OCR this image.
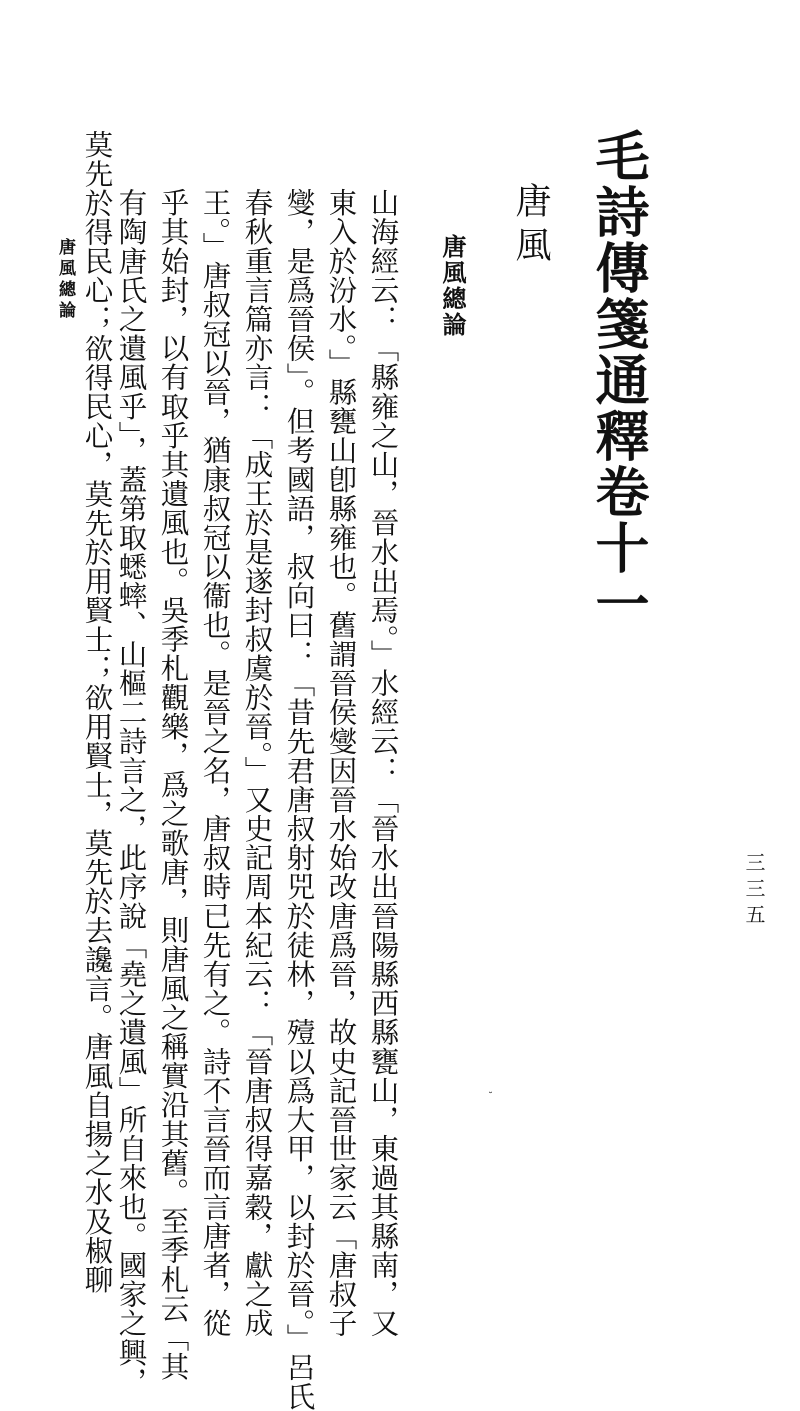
毛詩傳箋通釋卷十一
唐風
唐風總論
山海經云：「縣雍之山，晉水出焉。」水經云：「晉水出晉陽縣西縣甕山，東過其縣南，又
東入於汾水。」縣甕山卽縣雍也。舊謂晉侯燮因晉水始改唐爲晉，故史記晉世家云「唐叔子
燮，是爲晉侯」。但考國語，叔向曰：「昔先君唐叔射兕於徒林，殪以爲大甲，以封於晉。」呂氏
春秋重言篇亦言：「成王於是遂封叔虞於晉。」又史記周本紀云：「晉唐叔得嘉穀，獻之成
王。」唐叔冠以晉，猶康叔冠以衞也。是晉之名，唐叔時已先有之。詩不言晉而言唐者，從
乎其始封，以有取乎其遺風也。吳季札觀樂，爲之歌唐，則唐風之稱實沿其舊。至季札云「其
有陶唐氏之遺風乎」，蓋第取蟋蟀、山樞二詩言之，此序說「堯之遺風」所自來也。國家之興，
莫先於得民心；欲得民心，莫先於用賢士；欲用賢士，莫先於去讒言。唐風自揚之水及椒聊
唐風總論
三三五
˘
